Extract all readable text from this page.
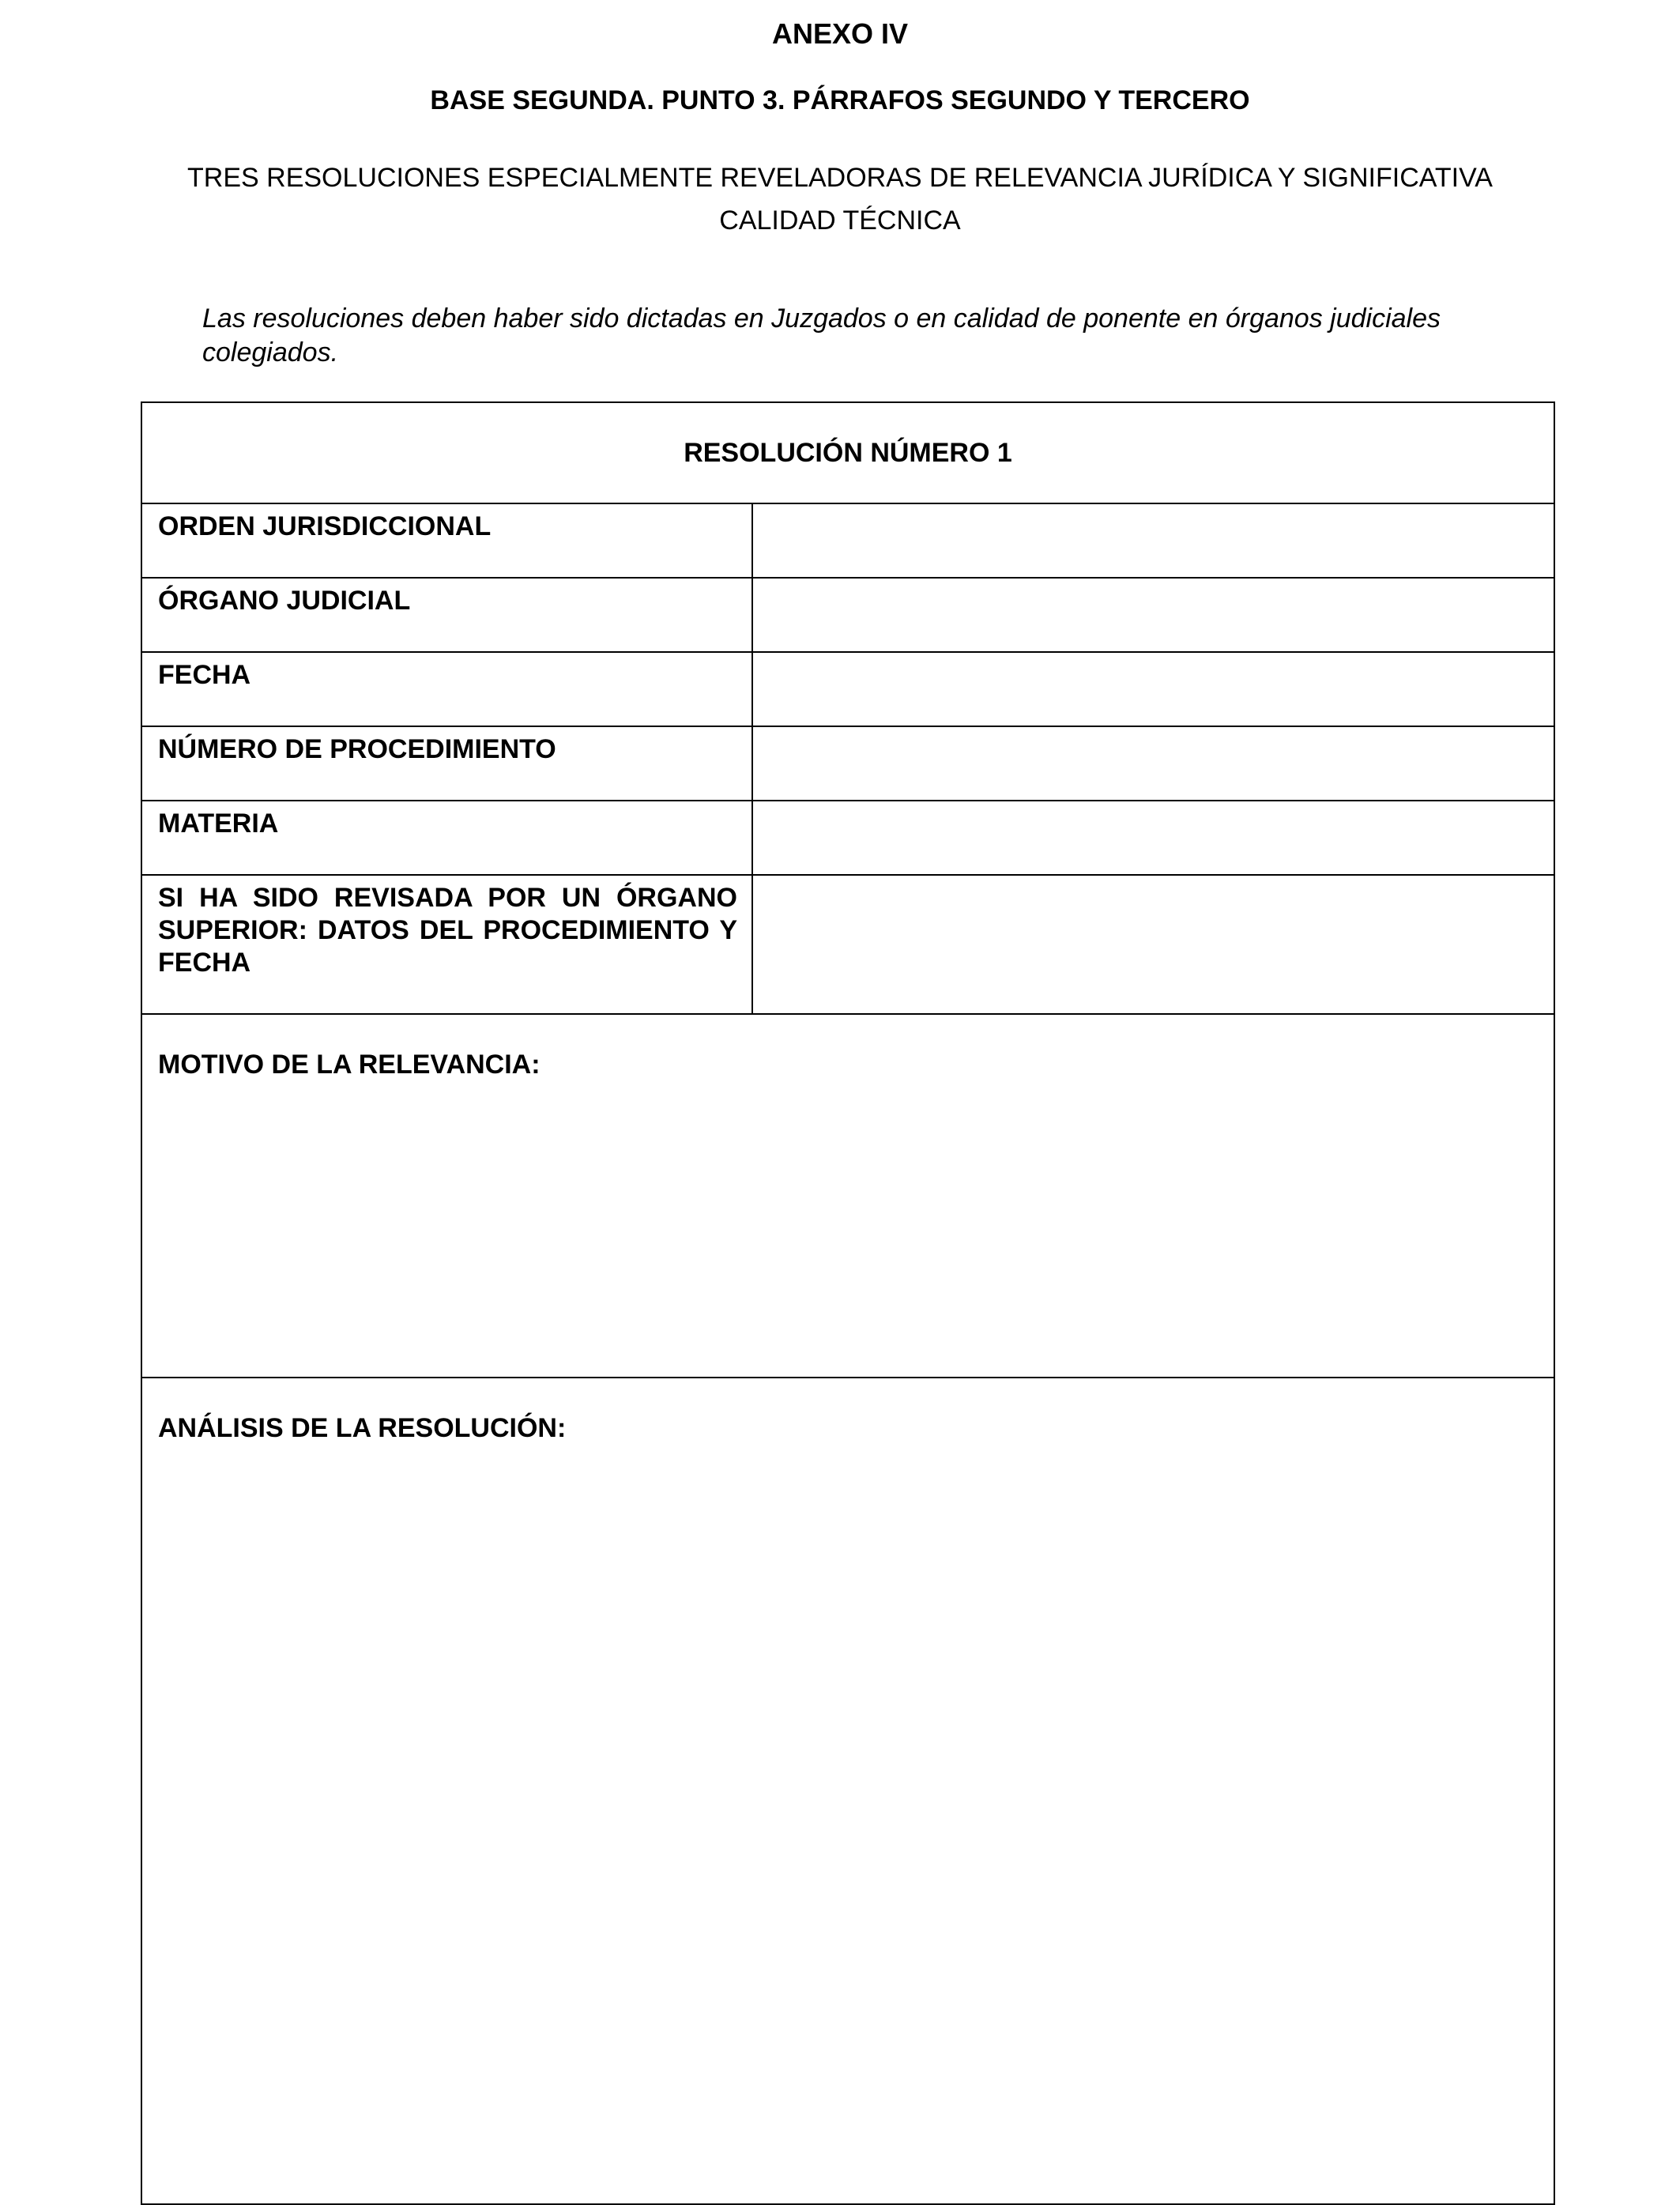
ANEXO IV
BASE SEGUNDA. PUNTO 3. PÁRRAFOS SEGUNDO Y TERCERO
TRES RESOLUCIONES ESPECIALMENTE REVELADORAS DE RELEVANCIA JURÍDICA Y SIGNIFICATIVA CALIDAD TÉCNICA

Las resoluciones deben haber sido dictadas en Juzgados o en calidad de ponente en órganos judiciales colegiados.

RESOLUCIÓN NÚMERO 1	
ORDEN JURISDICCIONAL	
ÓRGANO JUDICIAL	
FECHA	
NÚMERO DE PROCEDIMIENTO	
MATERIA	
SI HA SIDO REVISADA POR UN ÓRGANO SUPERIOR: DATOS DEL PROCEDIMIENTO Y FECHA	
MOTIVO DE LA RELEVANCIA:	
ANÁLISIS DE LA RESOLUCIÓN:	
